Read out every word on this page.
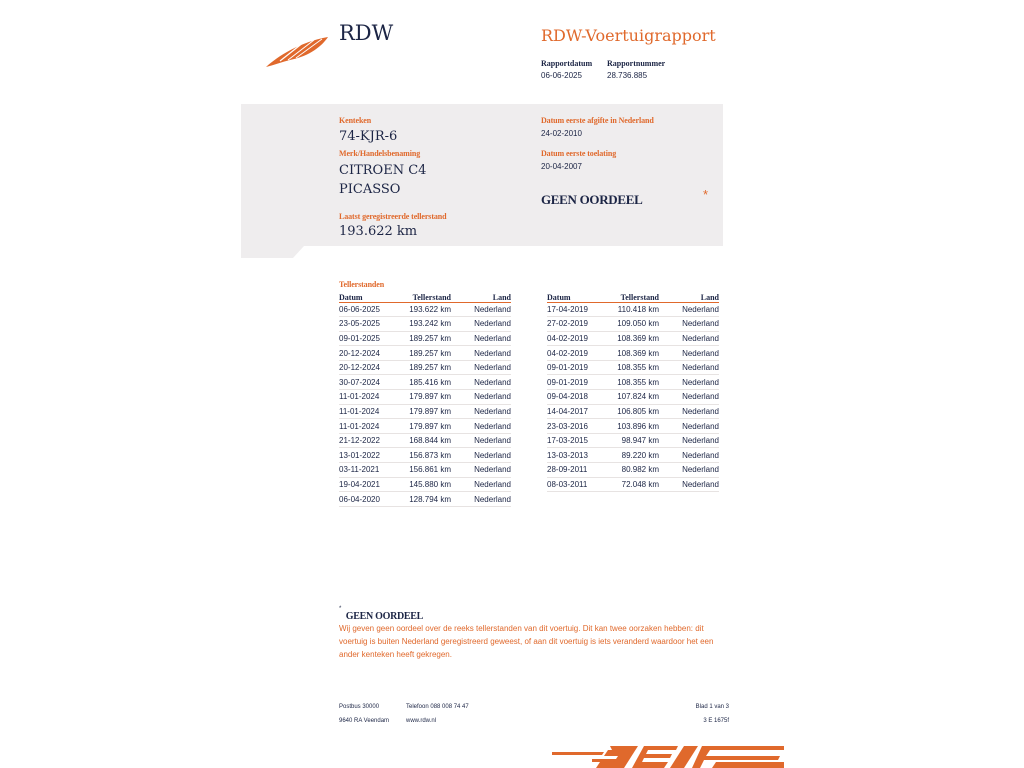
RDW	RDW-Voertuigrapport
Rapportdatum
06-06-2025
Rapportnummer
28.736.885
Kenteken
74-KJR-6
Merk/Handelsbenaming
CITROEN C4
PICASSO
Laatst geregistreerde tellerstand
193.622 km
Datum eerste afgifte in Nederland
24-02-2010
Datum eerste toelating
20-04-2007
GEEN OORDEEL	*
Tellerstanden
Datum	Tellerstand	Land
06-06-2025	193.622 km	Nederland
23-05-2025	193.242 km	Nederland
09-01-2025	189.257 km	Nederland
20-12-2024	189.257 km	Nederland
20-12-2024	189.257 km	Nederland
30-07-2024	185.416 km	Nederland
11-01-2024	179.897 km	Nederland
11-01-2024	179.897 km	Nederland
11-01-2024	179.897 km	Nederland
21-12-2022	168.844 km	Nederland
13-01-2022	156.873 km	Nederland
03-11-2021	156.861 km	Nederland
19-04-2021	145.880 km	Nederland
06-04-2020	128.794 km	Nederland
Datum	Tellerstand	Land
17-04-2019	110.418 km	Nederland
27-02-2019	109.050 km	Nederland
04-02-2019	108.369 km	Nederland
04-02-2019	108.369 km	Nederland
09-01-2019	108.355 km	Nederland
09-01-2019	108.355 km	Nederland
09-04-2018	107.824 km	Nederland
14-04-2017	106.805 km	Nederland
23-03-2016	103.896 km	Nederland
17-03-2015	98.947 km	Nederland
13-03-2013	89.220 km	Nederland
28-09-2011	80.982 km	Nederland
08-03-2011	72.048 km	Nederland
* GEEN OORDEEL
Wij geven geen oordeel over de reeks tellerstanden van dit voertuig. Dit kan twee oorzaken hebben: dit voertuig is buiten Nederland geregistreerd geweest, of aan dit voertuig is iets veranderd waardoor het een ander kenteken heeft gekregen.
Postbus 30000
9640 RA Veendam
Telefoon 088 008 74 47
www.rdw.nl
Blad 1 van 3
3 E 1675f
